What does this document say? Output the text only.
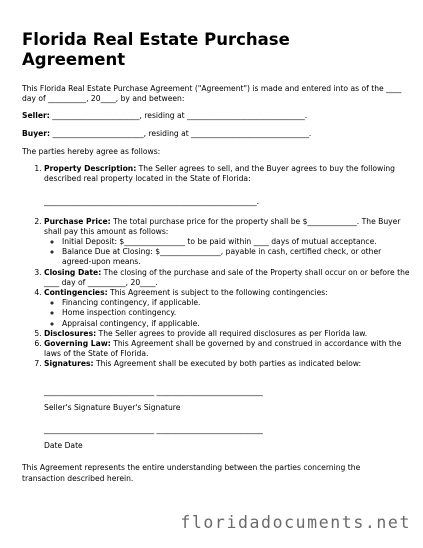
Florida Real Estate Purchase Agreement

This Florida Real Estate Purchase Agreement ("Agreement") is made and entered into as of the ____ day of __________, 20____, by and between:

Seller: _______________________, residing at _______________________________.

Buyer: ________________________, residing at _______________________________.

The parties hereby agree as follows:

1. Property Description: The Seller agrees to sell, and the Buyer agrees to buy the following described real property located in the State of Florida:
________________________________________________________.
2. Purchase Price: The total purchase price for the property shall be $_____________. The Buyer shall pay this amount as follows:
◦ Initial Deposit: $________________ to be paid within ____ days of mutual acceptance.
◦ Balance Due at Closing: $________________, payable in cash, certified check, or other agreed-upon means.
3. Closing Date: The closing of the purchase and sale of the Property shall occur on or before the ____ day of __________, 20____.
4. Contingencies: This Agreement is subject to the following contingencies:
◦ Financing contingency, if applicable.
◦ Home inspection contingency.
◦ Appraisal contingency, if applicable.
5. Disclosures: The Seller agrees to provide all required disclosures as per Florida law.
6. Governing Law: This Agreement shall be governed by and construed in accordance with the laws of the State of Florida.
7. Signatures: This Agreement shall be executed by both parties as indicated below:

_____________________________ ____________________________

Seller's Signature Buyer's Signature

_____________________________ ____________________________

Date Date

This Agreement represents the entire understanding between the parties concerning the transaction described herein.

floridadocuments.net
